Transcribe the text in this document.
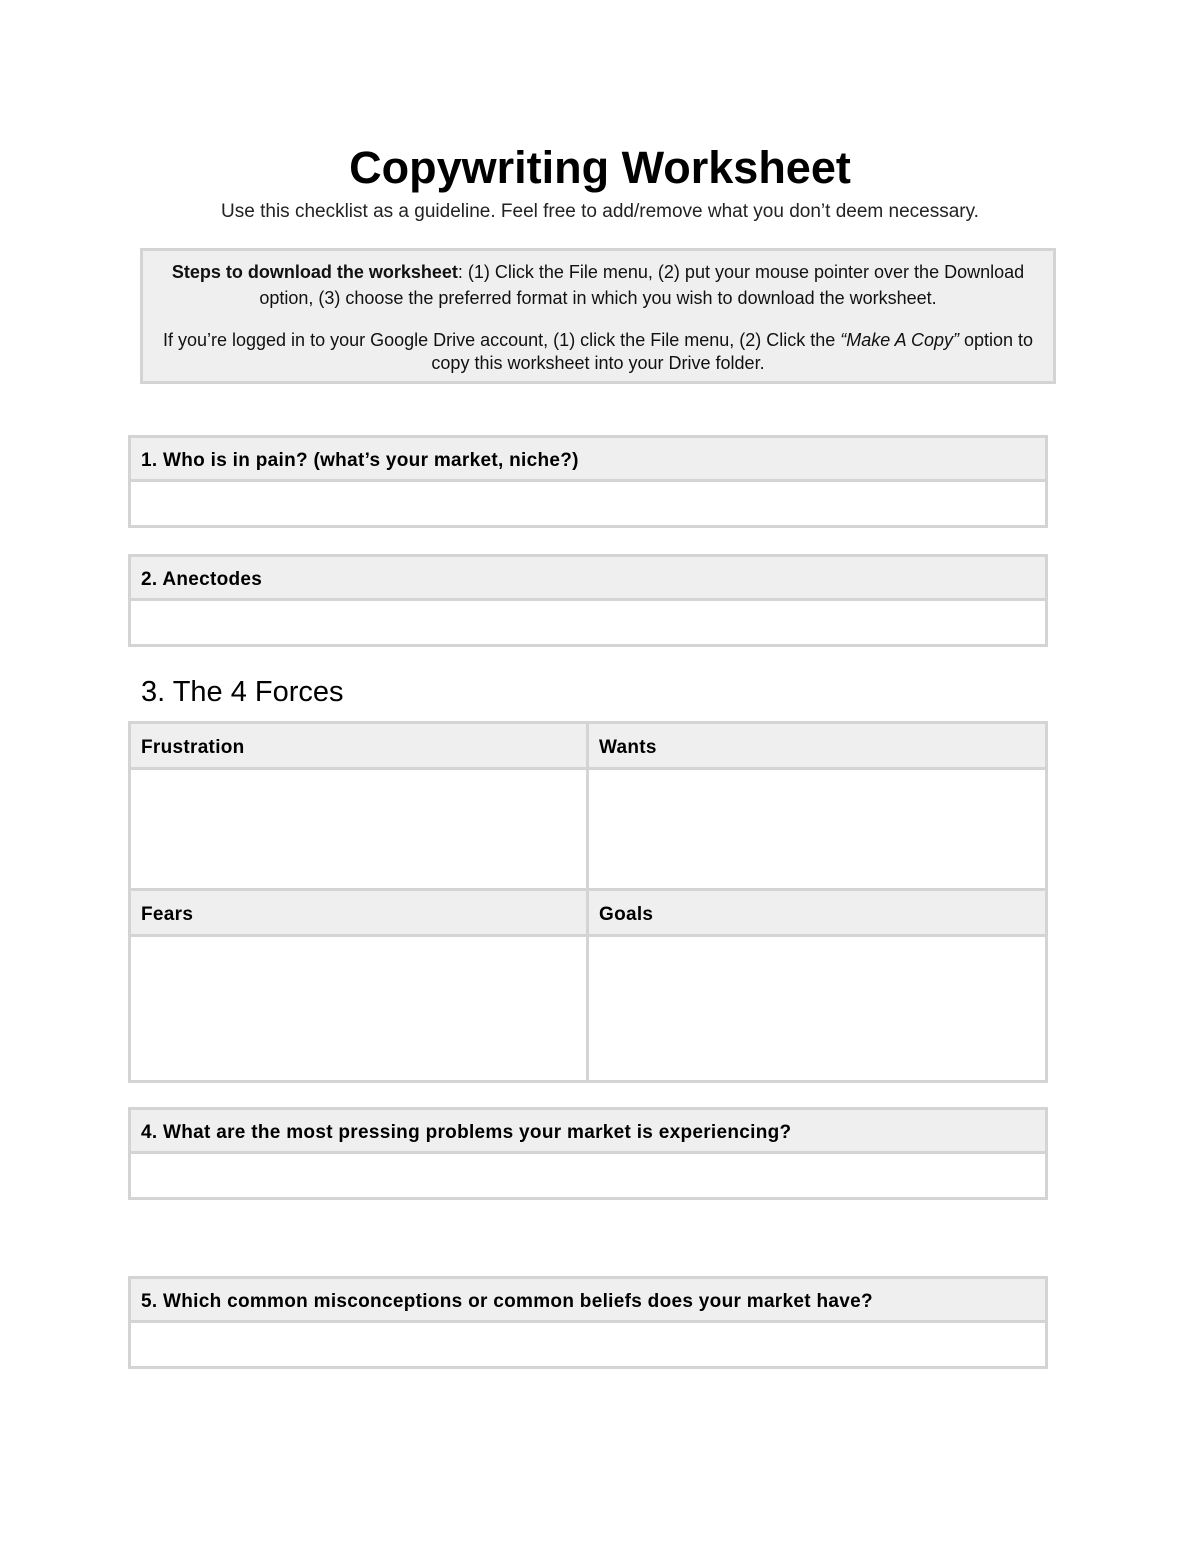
Copywriting Worksheet
Use this checklist as a guideline. Feel free to add/remove what you don’t deem necessary.

Steps to download the worksheet: (1) Click the File menu, (2) put your mouse pointer over the Download option, (3) choose the preferred format in which you wish to download the worksheet.

If you’re logged in to your Google Drive account, (1) click the File menu, (2) Click the “Make A Copy” option to copy this worksheet into your Drive folder.

1. Who is in pain? (what’s your market, niche?)
2. Anectodes
3. The 4 Forces
Frustration	Wants
Fears	Goals
4. What are the most pressing problems your market is experiencing?
5. Which common misconceptions or common beliefs does your market have?
